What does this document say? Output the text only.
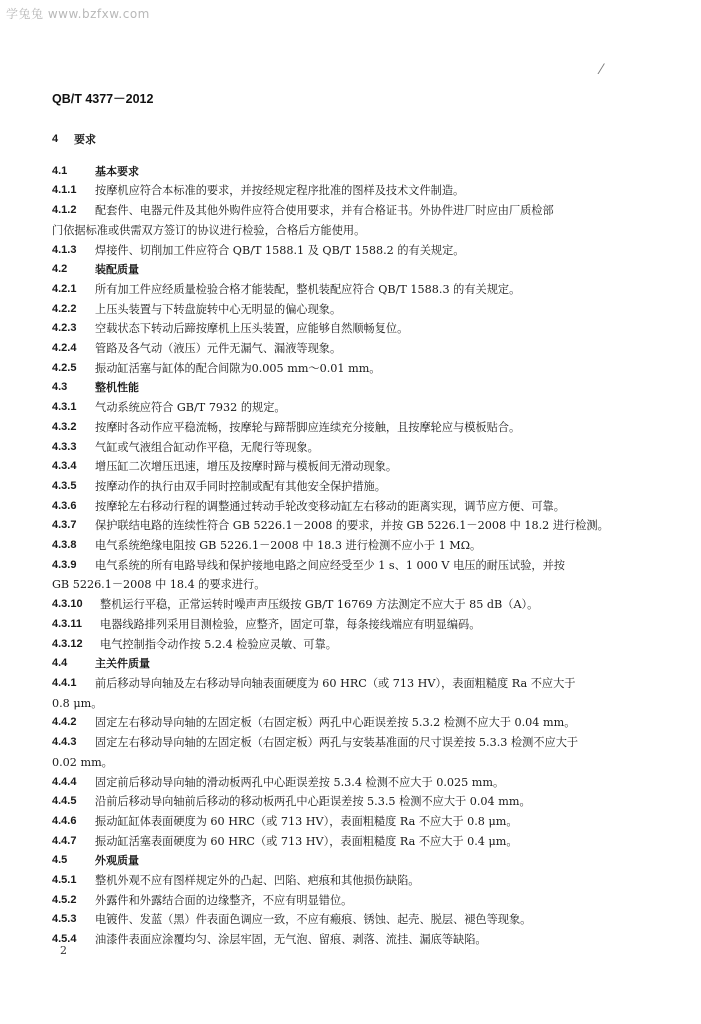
学兔兔 www.bzfxw.com
QB/T 4377－2012
⁄
4	要求
4.1	基本要求
4.1.1	按摩机应符合本标准的要求，并按经规定程序批准的图样及技术文件制造。
4.1.2	配套件、电器元件及其他外购件应符合使用要求，并有合格证书。外协件进厂时应由厂质检部
门依据标准或供需双方签订的协议进行检验，合格后方能使用。
4.1.3	焊接件、切削加工件应符合 QB/T 1588.1 及 QB/T 1588.2 的有关规定。
4.2	装配质量
4.2.1	所有加工件应经质量检验合格才能装配，整机装配应符合 QB/T 1588.3 的有关规定。
4.2.2	上压头装置与下转盘旋转中心无明显的偏心现象。
4.2.3	空载状态下转动后蹄按摩机上压头装置，应能够自然顺畅复位。
4.2.4	管路及各气动（液压）元件无漏气、漏液等现象。
4.2.5	振动缸活塞与缸体的配合间隙为0.005 mm～0.01 mm。
4.3	整机性能
4.3.1	气动系统应符合 GB/T 7932 的规定。
4.3.2	按摩时各动作应平稳流畅，按摩轮与蹄帮脚应连续充分接触，且按摩轮应与模板贴合。
4.3.3	气缸或气液组合缸动作平稳，无爬行等现象。
4.3.4	增压缸二次增压迅速，增压及按摩时蹄与模板间无滑动现象。
4.3.5	按摩动作的执行由双手同时控制或配有其他安全保护措施。
4.3.6	按摩轮左右移动行程的调整通过转动手轮改变移动缸左右移动的距离实现，调节应方便、可靠。
4.3.7	保护联结电路的连续性符合 GB 5226.1－2008 的要求，并按 GB 5226.1－2008 中 18.2 进行检测。
4.3.8	电气系统绝缘电阻按 GB 5226.1－2008 中 18.3 进行检测不应小于 1 MΩ。
4.3.9	电气系统的所有电路导线和保护接地电路之间应经受至少 1 s、1 000 V 电压的耐压试验，并按
GB 5226.1－2008 中 18.4 的要求进行。
4.3.10	整机运行平稳，正常运转时噪声声压级按 GB/T 16769 方法测定不应大于 85 dB（A）。
4.3.11	电器线路排列采用目测检验，应整齐，固定可靠，每条接线端应有明显编码。
4.3.12	电气控制指令动作按 5.2.4 检验应灵敏、可靠。
4.4	主关件质量
4.4.1	前后移动导向轴及左右移动导向轴表面硬度为 60 HRC（或 713 HV），表面粗糙度 Ra 不应大于
0.8 μm。
4.4.2	固定左右移动导向轴的左固定板（右固定板）两孔中心距误差按 5.3.2 检测不应大于 0.04 mm。
4.4.3	固定左右移动导向轴的左固定板（右固定板）两孔与安装基准面的尺寸误差按 5.3.3 检测不应大于
0.02 mm。
4.4.4	固定前后移动导向轴的滑动板两孔中心距误差按 5.3.4 检测不应大于 0.025 mm。
4.4.5	沿前后移动导向轴前后移动的移动板两孔中心距误差按 5.3.5 检测不应大于 0.04 mm。
4.4.6	振动缸缸体表面硬度为 60 HRC（或 713 HV），表面粗糙度 Ra 不应大于 0.8 μm。
4.4.7	振动缸活塞表面硬度为 60 HRC（或 713 HV），表面粗糙度 Ra 不应大于 0.4 μm。
4.5	外观质量
4.5.1	整机外观不应有图样规定外的凸起、凹陷、疤痕和其他损伤缺陷。
4.5.2	外露件和外露结合面的边缘整齐，不应有明显错位。
4.5.3	电镀件、发蓝（黑）件表面色调应一致，不应有瘢痕、锈蚀、起壳、脱层、褪色等现象。
4.5.4	油漆件表面应涂覆均匀、涂层牢固，无气泡、留痕、剥落、流挂、漏底等缺陷。
2
